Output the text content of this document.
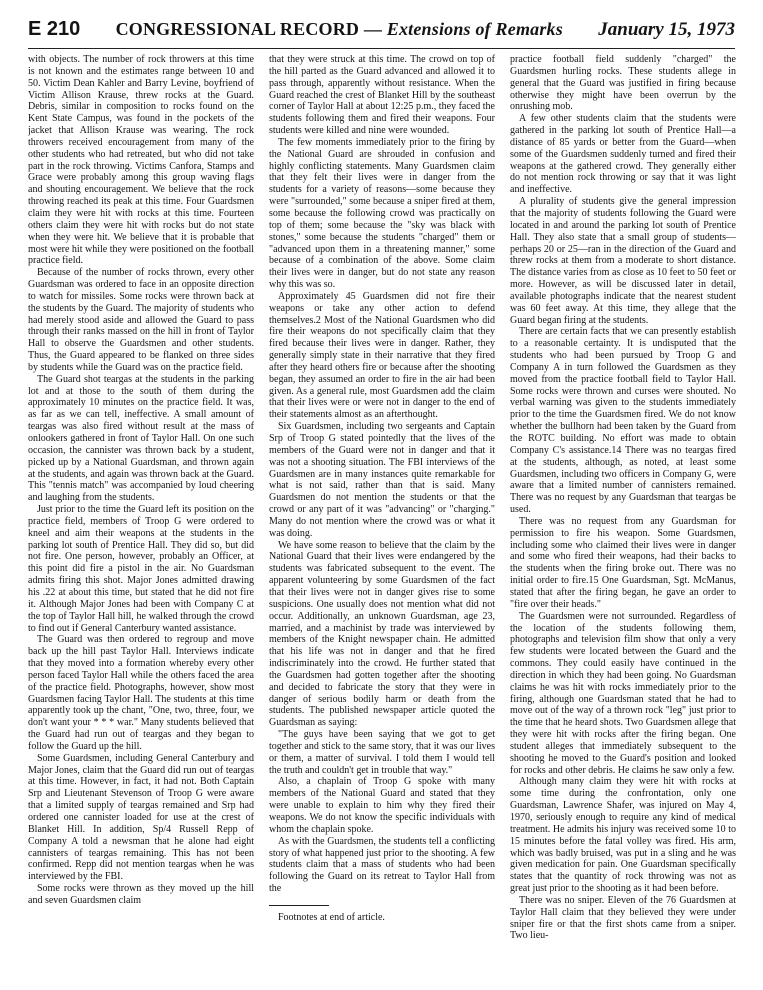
E 210 CONGRESSIONAL RECORD — Extensions of Remarks January 15, 1973

with objects. The number of rock throwers at this time is not known and the estimates range between 10 and 50. Victim Dean Kahler and Barry Levine, boyfriend of Victim Allison Krause, threw rocks at the Guard. Debris, similar in composition to rocks found on the Kent State Campus, was found in the pockets of the jacket that Allison Krause was wearing. The rock throwers received encouragement from many of the other students who had retreated, but who did not take part in the rock throwing. Victims Canfora, Stamps and Grace were probably among this group waving flags and shouting encouragement. We believe that the rock throwing reached its peak at this time. Four Guardsmen claim they were hit with rocks at this time. Fourteen others claim they were hit with rocks but do not state when they were hit. We believe that it is probable that most were hit while they were positioned on the football practice field.

Because of the number of rocks thrown, every other Guardsman was ordered to face in an opposite direction to watch for missiles. Some rocks were thrown back at the students by the Guard. The majority of students who had merely stood aside and allowed the Guard to pass through their ranks massed on the hill in front of Taylor Hall to observe the Guardsmen and other students. Thus, the Guard appeared to be flanked on three sides by students while the Guard was on the practice field.

The Guard shot teargas at the students in the parking lot and at those to the south of them during the approximately 10 minutes on the practice field. It was, as far as we can tell, ineffective. A small amount of teargas was also fired without result at the mass of onlookers gathered in front of Taylor Hall. On one such occasion, the cannister was thrown back by a student, picked up by a National Guardsman, and thrown again at the students, and again was thrown back at the Guard. This "tennis match" was accompanied by loud cheering and laughing from the students.

Just prior to the time the Guard left its position on the practice field, members of Troop G were ordered to kneel and aim their weapons at the students in the parking lot south of Prentice Hall. They did so, but did not fire. One person, however, probably an Officer, at this point did fire a pistol in the air. No Guardsman admits firing this shot. Major Jones admitted drawing his .22 at about this time, but stated that he did not fire it. Although Major Jones had been with Company C at the top of Taylor Hall hill, he walked through the crowd to find out if General Canterbury wanted assistance.

The Guard was then ordered to regroup and move back up the hill past Taylor Hall. Interviews indicate that they moved into a formation whereby every other person faced Taylor Hall while the others faced the area of the practice field. Photographs, however, show most Guardsmen facing Taylor Hall. The students at this time apparently took up the chant, "One, two, three, four, we don't want your * * * war." Many students believed that the Guard had run out of teargas and they began to follow the Guard up the hill.

Some Guardsmen, including General Canterbury and Major Jones, claim that the Guard did run out of teargas at this time. However, in fact, it had not. Both Captain Srp and Lieutenant Stevenson of Troop G were aware that a limited supply of teargas remained and Srp had ordered one cannister loaded for use at the crest of Blanket Hill. In addition, Sp/4 Russell Repp of Company A told a newsman that he alone had eight cannisters of teargas remaining. This has not been confirmed. Repp did not mention teargas when he was interviewed by the FBI.

Some rocks were thrown as they moved up the hill and seven Guardsmen claim

that they were struck at this time. The crowd on top of the hill parted as the Guard advanced and allowed it to pass through, apparently without resistance. When the Guard reached the crest of Blanket Hill by the southeast corner of Taylor Hall at about 12:25 p.m., they faced the students following them and fired their weapons. Four students were killed and nine were wounded.

The few moments immediately prior to the firing by the National Guard are shrouded in confusion and highly conflicting statements. Many Guardsmen claim that they felt their lives were in danger from the students for a variety of reasons—some because they were "surrounded," some because a sniper fired at them, some because the following crowd was practically on top of them; some because the "sky was black with stones," some because the students "charged" them or "advanced upon them in a threatening manner," some because of a combination of the above. Some claim their lives were in danger, but do not state any reason why this was so.

Approximately 45 Guardsmen did not fire their weapons or take any other action to defend themselves.2 Most of the National Guardsmen who did fire their weapons do not specifically claim that they fired because their lives were in danger. Rather, they generally simply state in their narrative that they fired after they heard others fire or because after the shooting began, they assumed an order to fire in the air had been given. As a general rule, most Guardsmen add the claim that their lives were or were not in danger to the end of their statements almost as an afterthought.

Six Guardsmen, including two sergeants and Captain Srp of Troop G stated pointedly that the lives of the members of the Guard were not in danger and that it was not a shooting situation. The FBI interviews of the Guardsmen are in many instances quite remarkable for what is not said, rather than that is said. Many Guardsmen do not mention the students or that the crowd or any part of it was "advancing" or "charging." Many do not mention where the crowd was or what it was doing.

We have some reason to believe that the claim by the National Guard that their lives were endangered by the students was fabricated subsequent to the event. The apparent volunteering by some Guardsmen of the fact that their lives were not in danger gives rise to some suspicions. One usually does not mention what did not occur. Additionally, an unknown Guardsman, age 23, married, and a machinist by trade was interviewed by members of the Knight newspaper chain. He admitted that his life was not in danger and that he fired indiscriminately into the crowd. He further stated that the Guardsmen had gotten together after the shooting and decided to fabricate the story that they were in danger of serious bodily harm or death from the students. The published newspaper article quoted the Guardsman as saying:

"The guys have been saying that we got to get together and stick to the same story, that it was our lives or them, a matter of survival. I told them I would tell the truth and couldn't get in trouble that way."

Also, a chaplain of Troop G spoke with many members of the National Guard and stated that they were unable to explain to him why they fired their weapons. We do not know the specific individuals with whom the chaplain spoke.

As with the Guardsmen, the students tell a conflicting story of what happened just prior to the shooting. A few students claim that a mass of students who had been following the Guard on its retreat to Taylor Hall from the

Footnotes at end of article.

practice football field suddenly "charged" the Guardsmen hurling rocks. These students allege in general that the Guard was justified in firing because otherwise they might have been overrun by the onrushing mob.

A few other students claim that the students were gathered in the parking lot south of Prentice Hall—a distance of 85 yards or better from the Guard—when some of the Guardsmen suddenly turned and fired their weapons at the gathered crowd. They generally either do not mention rock throwing or say that it was light and ineffective.

A plurality of students give the general impression that the majority of students following the Guard were located in and around the parking lot south of Prentice Hall. They also state that a small group of students—perhaps 20 or 25—ran in the direction of the Guard and threw rocks at them from a moderate to short distance. The distance varies from as close as 10 feet to 50 feet or more. However, as will be discussed later in detail, available photographs indicate that the nearest student was 60 feet away. At this time, they allege that the Guard began firing at the students.

There are certain facts that we can presently establish to a reasonable certainty. It is undisputed that the students who had been pursued by Troop G and Company A in turn followed the Guardsmen as they moved from the practice football field to Taylor Hall. Some rocks were thrown and curses were shouted. No verbal warning was given to the students immediately prior to the time the Guardsmen fired. We do not know whether the bullhorn had been taken by the Guard from the ROTC building. No effort was made to obtain Company C's assistance.14 There was no teargas fired at the students, although, as noted, at least some Guardsmen, including two officers in Company G, were aware that a limited number of cannisters remained. There was no request by any Guardsman that teargas be used.

There was no request from any Guardsman for permission to fire his weapon. Some Guardsmen, including some who claimed their lives were in danger and some who fired their weapons, had their backs to the students when the firing broke out. There was no initial order to fire.15 One Guardsman, Sgt. McManus, stated that after the firing began, he gave an order to "fire over their heads."

The Guardsmen were not surrounded. Regardless of the location of the students following them, photographs and television film show that only a very few students were located between the Guard and the commons. They could easily have continued in the direction in which they had been going. No Guardsman claims he was hit with rocks immediately prior to the firing, although one Guardsman stated that he had to move out of the way of a thrown rock "leg" just prior to the time that he heard shots. Two Guardsmen allege that they were hit with rocks after the firing began. One student alleges that immediately subsequent to the shooting he moved to the Guard's position and looked for rocks and other debris. He claims he saw only a few.

Although many claim they were hit with rocks at some time during the confrontation, only one Guardsman, Lawrence Shafer, was injured on May 4, 1970, seriously enough to require any kind of medical treatment. He admits his injury was received some 10 to 15 minutes before the fatal volley was fired. His arm, which was badly bruised, was put in a sling and he was given medication for pain. One Guardsman specifically states that the quantity of rock throwing was not as great just prior to the shooting as it had been before.

There was no sniper. Eleven of the 76 Guardsmen at Taylor Hall claim that they believed they were under sniper fire or that the first shots came from a sniper. Two lieu-
